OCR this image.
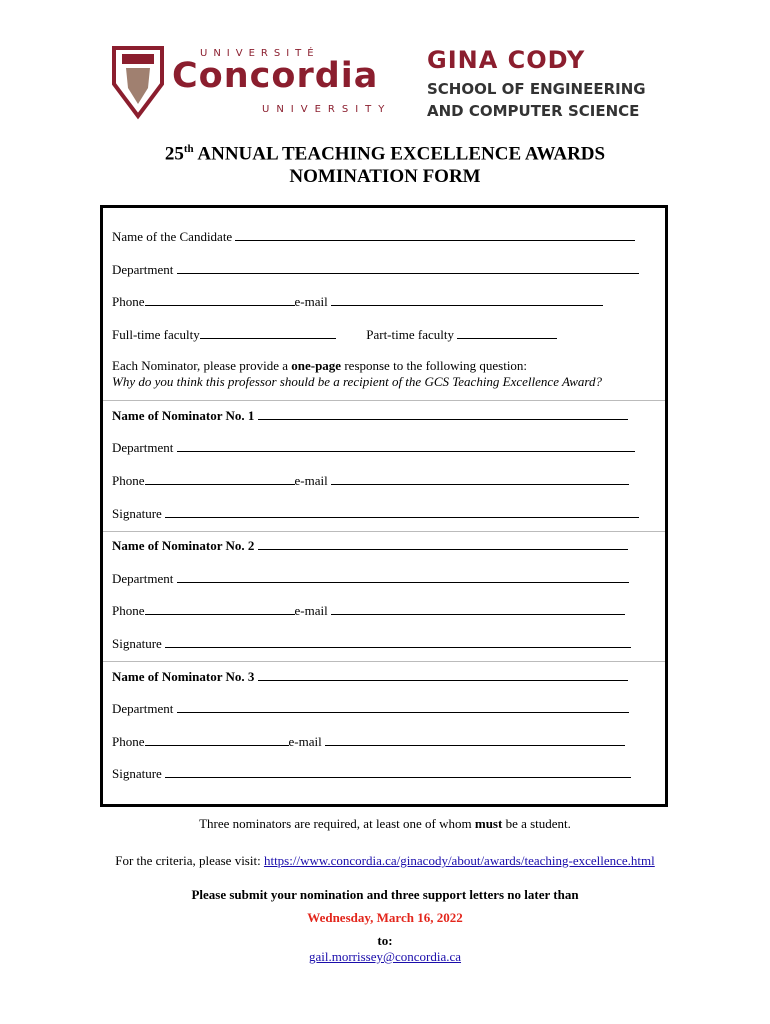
UNIVERSITÉ
Concordia
UNIVERSITY
GINA CODY
SCHOOL OF ENGINEERING
AND COMPUTER SCIENCE
25th ANNUAL TEACHING EXCELLENCE AWARDS
NOMINATION FORM
Name of the Candidate
Department
Phone	e-mail
Full-time faculty	Part-time faculty
Each Nominator, please provide a one-page response to the following question:
Why do you think this professor should be a recipient of the GCS Teaching Excellence Award?
Name of Nominator No. 1
Department
Phone	e-mail
Signature
Name of Nominator No. 2
Department
Phone	e-mail
Signature
Name of Nominator No. 3
Department
Phone	e-mail
Signature
Three nominators are required, at least one of whom must be a student.
For the criteria, please visit: https://www.concordia.ca/ginacody/about/awards/teaching-excellence.html
Please submit your nomination and three support letters no later than
Wednesday, March 16, 2022
to:
gail.morrissey@concordia.ca
